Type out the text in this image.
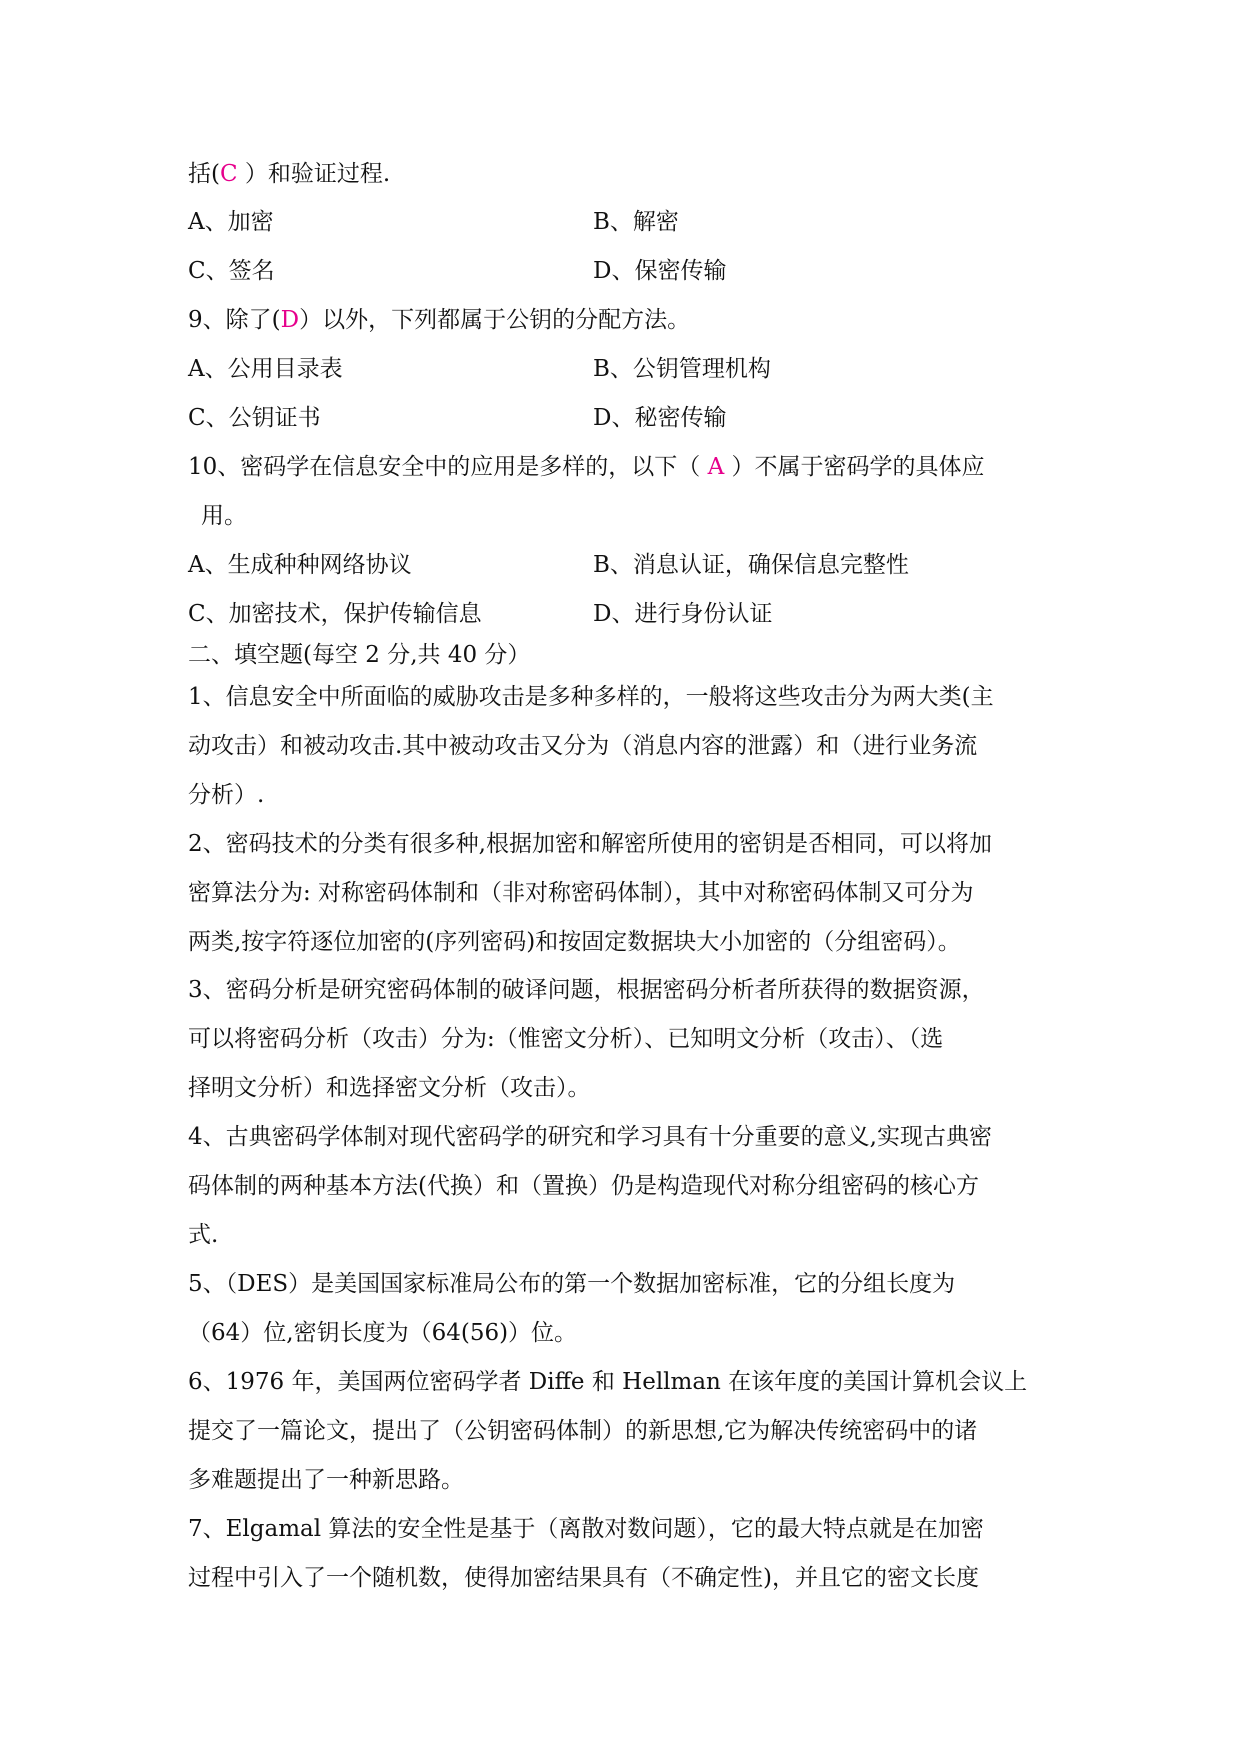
括(C ）和验证过程.
A、加密	B、解密
C、签名	D、保密传输
9、除了(D）以外，下列都属于公钥的分配方法。
A、公用目录表	B、公钥管理机构
C、公钥证书	D、秘密传输
10、密码学在信息安全中的应用是多样的，以下（ A ）不属于密码学的具体应
用。
A、生成种种网络协议	B、消息认证，确保信息完整性
C、加密技术，保护传输信息	D、进行身份认证
二、填空题(每空 2 分,共 40 分）
1、信息安全中所面临的威胁攻击是多种多样的，一般将这些攻击分为两大类(主
动攻击）和被动攻击.其中被动攻击又分为（消息内容的泄露）和（进行业务流
分析）.
2、密码技术的分类有很多种,根据加密和解密所使用的密钥是否相同，可以将加
密算法分为: 对称密码体制和（非对称密码体制），其中对称密码体制又可分为
两类,按字符逐位加密的(序列密码)和按固定数据块大小加密的（分组密码）。
3、密码分析是研究密码体制的破译问题，根据密码分析者所获得的数据资源，
可以将密码分析（攻击）分为:（惟密文分析）、已知明文分析（攻击）、（选
择明文分析）和选择密文分析（攻击）。
4、古典密码学体制对现代密码学的研究和学习具有十分重要的意义,实现古典密
码体制的两种基本方法(代换）和（置换）仍是构造现代对称分组密码的核心方
式.
5、（DES）是美国国家标准局公布的第一个数据加密标准，它的分组长度为
（64）位,密钥长度为（64(56)）位。
6、1976 年，美国两位密码学者 Diffe 和 Hellman 在该年度的美国计算机会议上
提交了一篇论文，提出了（公钥密码体制）的新思想,它为解决传统密码中的诸
多难题提出了一种新思路。
7、Elgamal 算法的安全性是基于（离散对数问题），它的最大特点就是在加密
过程中引入了一个随机数，使得加密结果具有（不确定性)，并且它的密文长度
